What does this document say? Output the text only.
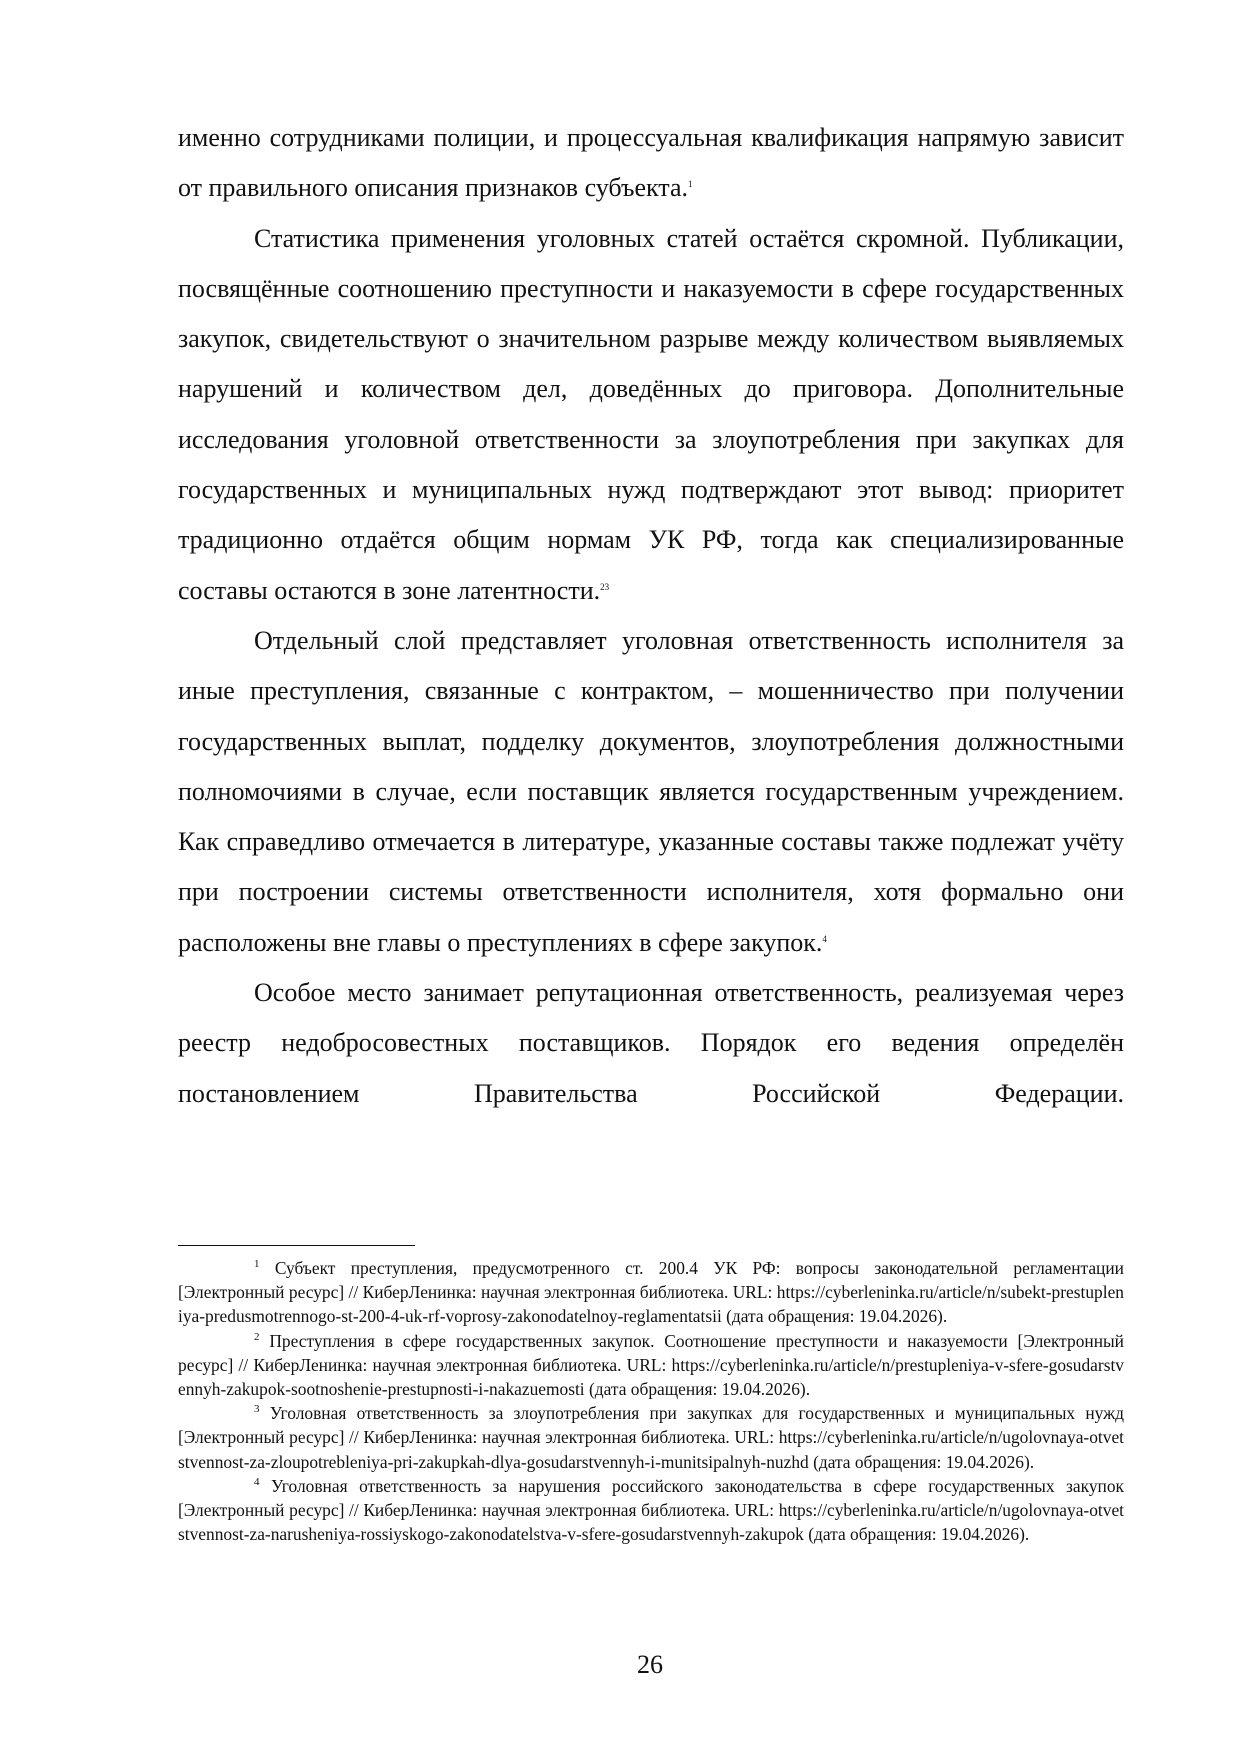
именно сотрудниками полиции, и процессуальная квалификация напрямую зависит от правильного описания признаков субъекта.$^1$

Статистика применения уголовных статей остаётся скромной. Публикации, посвящённые соотношению преступности и наказуемости в сфере государственных закупок, свидетельствуют о значительном разрыве между количеством выявляемых нарушений и количеством дел, доведённых до приговора. Дополнительные исследования уголовной ответственности за злоупотребления при закупках для государственных и муниципальных нужд подтверждают этот вывод: приоритет традиционно отдаётся общим нормам УК РФ, тогда как специализированные составы остаются в зоне латентности.$^{23}$

Отдельный слой представляет уголовная ответственность исполнителя за иные преступления, связанные с контрактом, – мошенничество при получении государственных выплат, подделку документов, злоупотребления должностными полномочиями в случае, если поставщик является государственным учреждением. Как справедливо отмечается в литературе, указанные составы также подлежат учёту при построении системы ответственности исполнителя, хотя формально они расположены вне главы о преступлениях в сфере закупок.$^4$

Особое место занимает репутационная ответственность, реализуемая через реестр недобросовестных поставщиков. Порядок его ведения определён постановлением Правительства Российской Федерации.

$^1$ Субъект преступления, предусмотренного ст. 200.4 УК РФ: вопросы законодательной регламентации [Электронный ресурс] // КиберЛенинка: научная электронная библиотека. URL: https://cyberleninka.ru/article/n/subekt-prestupleniya-predusmotrennogo-st-200-4-uk-rf-voprosy-zakonodatelnoy-reglamentatsii (дата обращения: 19.04.2026).

$^2$ Преступления в сфере государственных закупок. Соотношение преступности и наказуемости [Электронный ресурс] // КиберЛенинка: научная электронная библиотека. URL: https://cyberleninka.ru/article/n/prestupleniya-v-sfere-gosudarstvennyh-zakupok-sootnoshenie-prestupnosti-i-nakazuemosti (дата обращения: 19.04.2026).

$^3$ Уголовная ответственность за злоупотребления при закупках для государственных и муниципальных нужд [Электронный ресурс] // КиберЛенинка: научная электронная библиотека. URL: https://cyberleninka.ru/article/n/ugolovnaya-otvetstvennost-za-zloupotrebleniya-pri-zakupkah-dlya-gosudarstvennyh-i-munitsipalnyh-nuzhd (дата обращения: 19.04.2026).

$^4$ Уголовная ответственность за нарушения российского законодательства в сфере государственных закупок [Электронный ресурс] // КиберЛенинка: научная электронная библиотека. URL: https://cyberleninka.ru/article/n/ugolovnaya-otvetstvennost-za-narusheniya-rossiyskogo-zakonodatelstva-v-sfere-gosudarstvennyh-zakupok (дата обращения: 19.04.2026).

26
